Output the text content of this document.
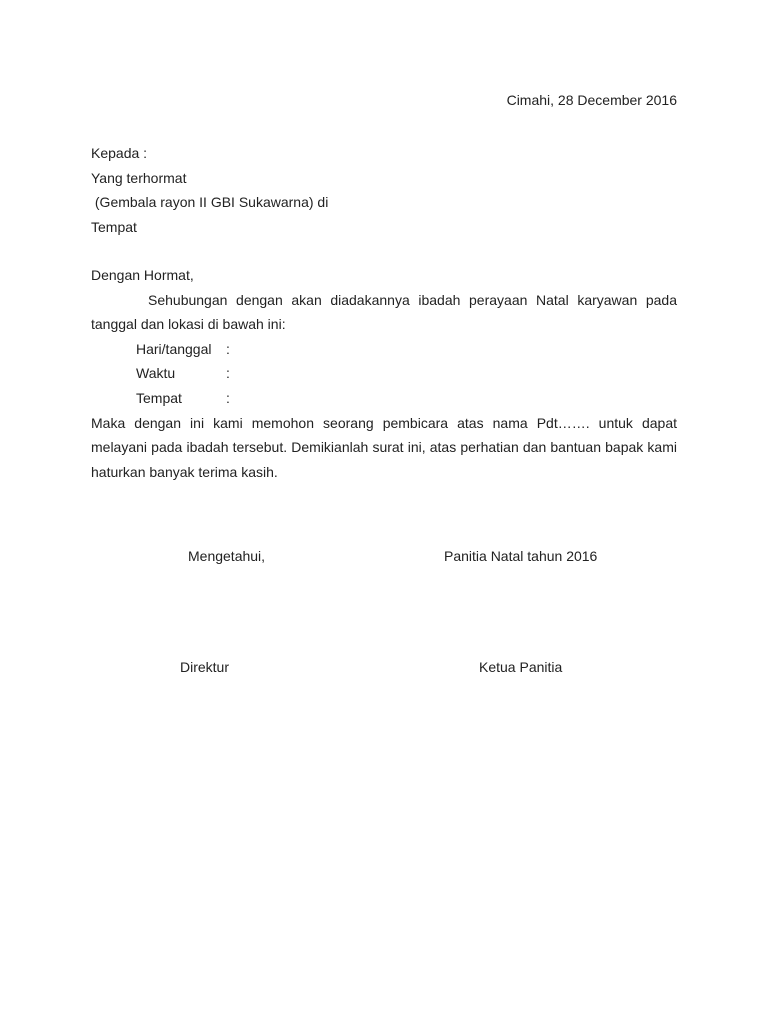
Cimahi, 28 December 2016
Kepada :
Yang terhormat
(Gembala rayon II GBI Sukawarna) di
Tempat
Dengan Hormat,
Sehubungan dengan akan diadakannya ibadah perayaan Natal karyawan pada tanggal dan lokasi di bawah ini:
Hari/tanggal :
Waktu	:
Tempat	:
Maka dengan ini kami memohon seorang pembicara atas nama Pdt……. untuk dapat melayani pada ibadah tersebut. Demikianlah surat ini, atas perhatian dan bantuan bapak kami haturkan banyak terima kasih.
Mengetahui,	Panitia Natal tahun 2016
Direktur	Ketua Panitia
